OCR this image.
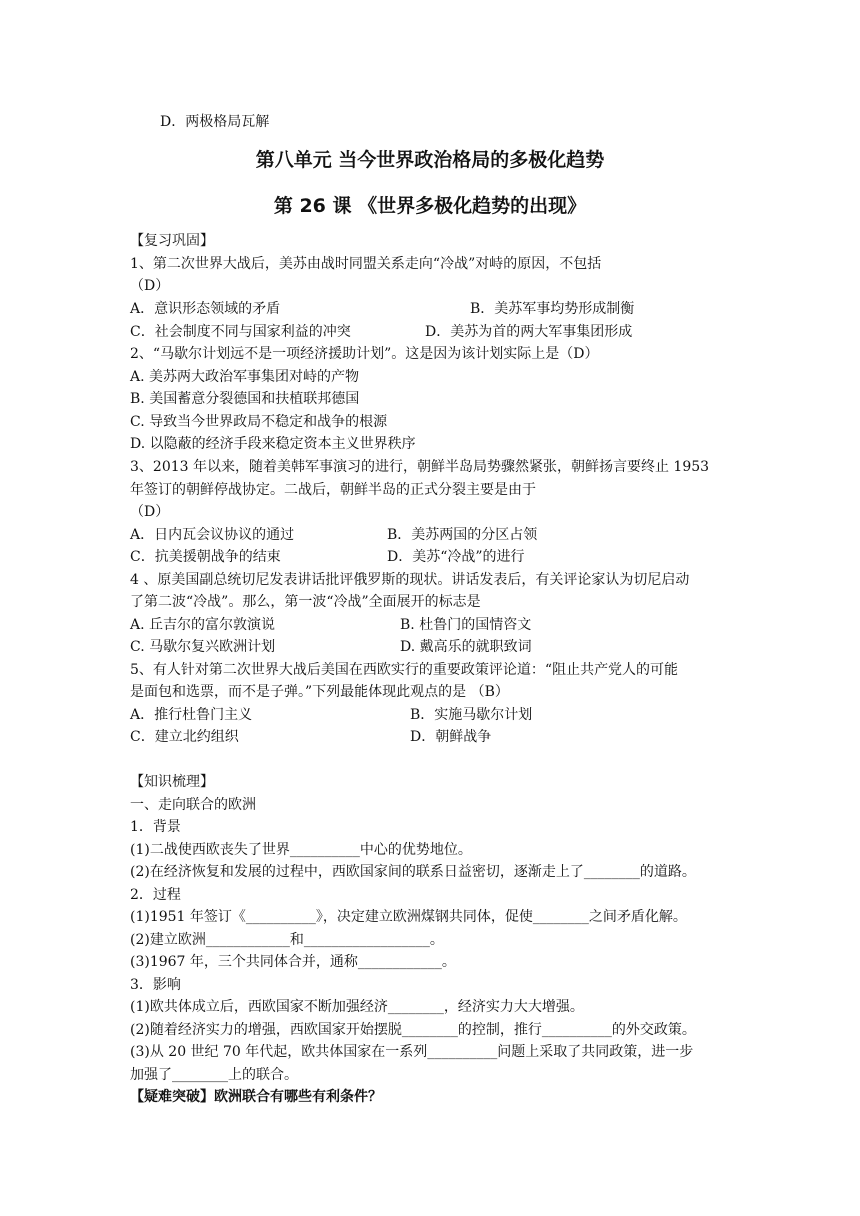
D．两极格局瓦解
第八单元 当今世界政治格局的多极化趋势
第 26 课 《世界多极化趋势的出现》
【复习巩固】
1、第二次世界大战后，美苏由战时同盟关系走向“冷战”对峙的原因，不包括
（D）
A．意识形态领域的矛盾	B．美苏军事均势形成制衡
C．社会制度不同与国家利益的冲突	D．美苏为首的两大军事集团形成
2、“马歇尔计划远不是一项经济援助计划”。这是因为该计划实际上是（D）
A. 美苏两大政治军事集团对峙的产物
B. 美国蓄意分裂德国和扶植联邦德国
C. 导致当今世界政局不稳定和战争的根源
D. 以隐蔽的经济手段来稳定资本主义世界秩序
3、2013 年以来，随着美韩军事演习的进行，朝鲜半岛局势骤然紧张，朝鲜扬言要终止 1953
年签订的朝鲜停战协定。二战后，朝鲜半岛的正式分裂主要是由于
（D）
A．日内瓦会议协议的通过	B．美苏两国的分区占领
C．抗美援朝战争的结束	D．美苏“冷战”的进行
4 、原美国副总统切尼发表讲话批评俄罗斯的现状。讲话发表后，有关评论家认为切尼启动
了第二波“冷战”。那么，第一波“冷战”全面展开的标志是
A. 丘吉尔的富尔敦演说	B. 杜鲁门的国情咨文
C. 马歇尔复兴欧洲计划	D. 戴高乐的就职致词
5、有人针对第二次世界大战后美国在西欧实行的重要政策评论道：“阻止共产党人的可能
是面包和选票，而不是子弹。”下列最能体现此观点的是 （B）
A．推行杜鲁门主义	B．实施马歇尔计划
C．建立北约组织	D．朝鲜战争
【知识梳理】
一、走向联合的欧洲
1．背景
(1)二战使西欧丧失了世界__________中心的优势地位。
(2)在经济恢复和发展的过程中，西欧国家间的联系日益密切，逐渐走上了________的道路。
2．过程
(1)1951 年签订《__________》，决定建立欧洲煤钢共同体，促使________之间矛盾化解。
(2)建立欧洲____________和__________________。
(3)1967 年，三个共同体合并，通称____________。
3．影响
(1)欧共体成立后，西欧国家不断加强经济________，经济实力大大增强。
(2)随着经济实力的增强，西欧国家开始摆脱________的控制，推行__________的外交政策。
(3)从 20 世纪 70 年代起，欧共体国家在一系列__________问题上采取了共同政策，进一步
加强了________上的联合。
【疑难突破】欧洲联合有哪些有利条件？
